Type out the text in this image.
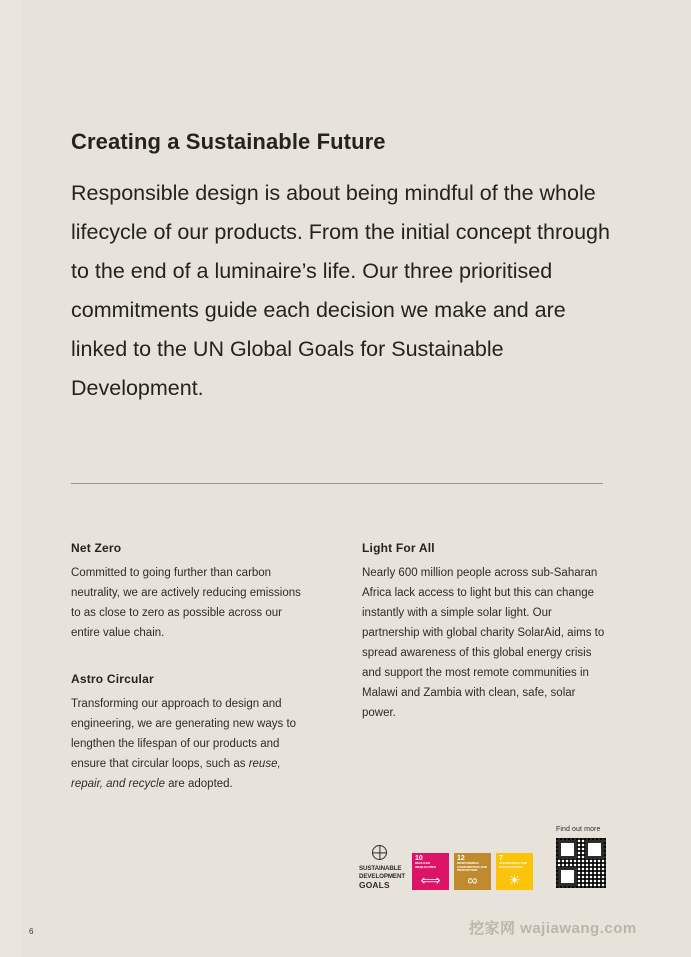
Creating a Sustainable Future

Responsible design is about being mindful of the whole lifecycle of our products. From the initial concept through to the end of a luminaire’s life. Our three prioritised commitments guide each decision we make and are linked to the UN Global Goals for Sustainable Development.

Net Zero

Committed to going further than carbon neutrality, we are actively reducing emissions to as close to zero as possible across our entire value chain.

Astro Circular

Transforming our approach to design and engineering, we are generating new ways to lengthen the lifespan of our products and ensure that circular loops, such as reuse, repair, and recycle are adopted.

Light For All

Nearly 600 million people across sub-Saharan Africa lack access to light but this can change instantly with a simple solar light. Our partnership with global charity SolarAid, aims to spread awareness of this global energy crisis and support the most remote communities in Malawi and Zambia with clean, safe, solar power.

SUSTAINABLE
DEVELOPMENT
GOALS
10
REDUCED INEQUALITIES
⟺
12
RESPONSIBLE CONSUMPTION AND PRODUCTION
∞
7
AFFORDABLE AND CLEAN ENERGY
☀
Find out more
6	挖家网 wajiawang.com
